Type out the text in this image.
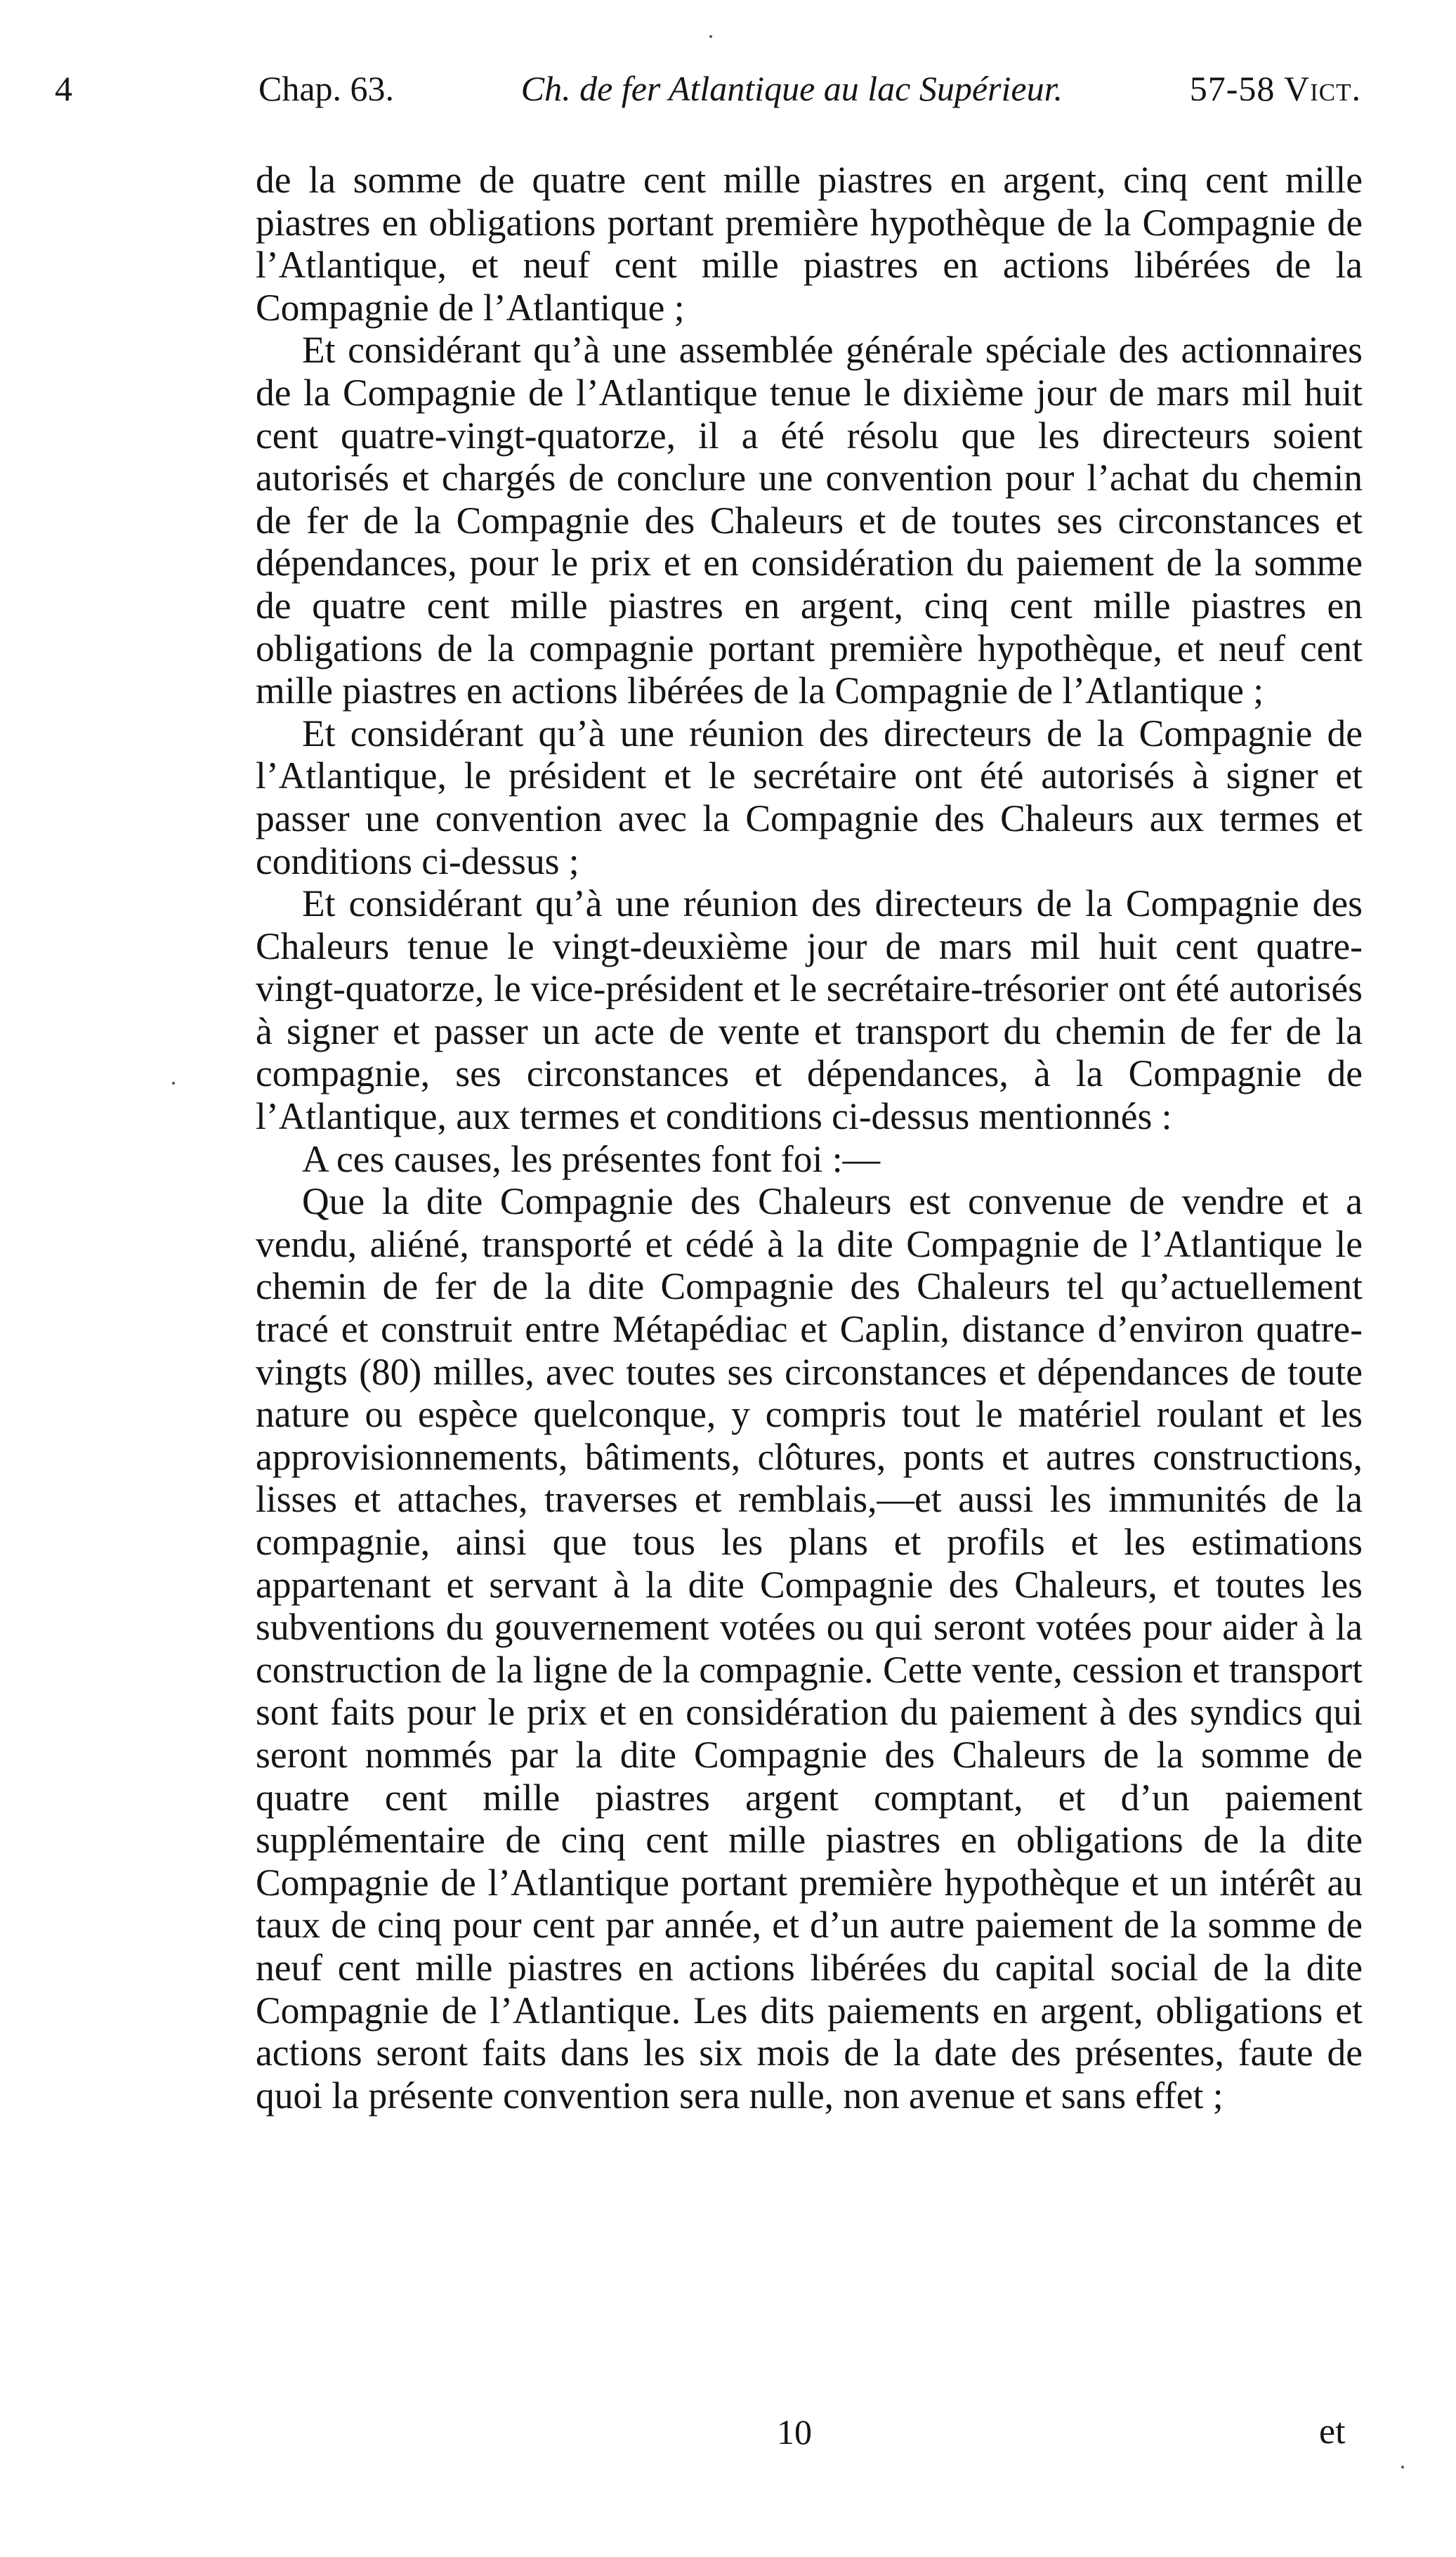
4	Chap. 63.	Ch. de fer Atlantique au lac Supérieur.	57-58 Vict.

de la somme de quatre cent mille piastres en argent, cinq cent mille piastres en obligations portant première hypothèque de la Compagnie de l’Atlantique, et neuf cent mille piastres en actions libérées de la Compagnie de l’Atlantique ;

Et considérant qu’à une assemblée générale spéciale des actionnaires de la Compagnie de l’Atlantique tenue le dixième jour de mars mil huit cent quatre-vingt-quatorze, il a été résolu que les directeurs soient autorisés et chargés de conclure une convention pour l’achat du chemin de fer de la Compagnie des Chaleurs et de toutes ses circonstances et dépendances, pour le prix et en considération du paiement de la somme de quatre cent mille piastres en argent, cinq cent mille piastres en obligations de la compagnie portant première hypothèque, et neuf cent mille piastres en actions libérées de la Compagnie de l’Atlantique ;

Et considérant qu’à une réunion des directeurs de la Compagnie de l’Atlantique, le président et le secrétaire ont été autorisés à signer et passer une convention avec la Compagnie des Chaleurs aux termes et conditions ci-dessus ;

Et considérant qu’à une réunion des directeurs de la Compagnie des Chaleurs tenue le vingt-deuxième jour de mars mil huit cent quatre-vingt-quatorze, le vice-président et le secrétaire-trésorier ont été autorisés à signer et passer un acte de vente et transport du chemin de fer de la compagnie, ses circonstances et dépendances, à la Compagnie de l’Atlantique, aux termes et conditions ci-dessus mentionnés :

A ces causes, les présentes font foi :—

Que la dite Compagnie des Chaleurs est convenue de vendre et a vendu, aliéné, transporté et cédé à la dite Compagnie de l’Atlantique le chemin de fer de la dite Compagnie des Chaleurs tel qu’actuellement tracé et construit entre Métapédiac et Caplin, distance d’environ quatre-vingts (80) milles, avec toutes ses circonstances et dépendances de toute nature ou espèce quelconque, y compris tout le matériel roulant et les approvisionnements, bâtiments, clôtures, ponts et autres constructions, lisses et attaches, traverses et remblais,—et aussi les immunités de la compagnie, ainsi que tous les plans et profils et les estimations appartenant et servant à la dite Compagnie des Chaleurs, et toutes les subventions du gouvernement votées ou qui seront votées pour aider à la construction de la ligne de la compagnie. Cette vente, cession et transport sont faits pour le prix et en considération du paiement à des syndics qui seront nommés par la dite Compagnie des Chaleurs de la somme de quatre cent mille piastres argent comptant, et d’un paiement supplémentaire de cinq cent mille piastres en obligations de la dite Compagnie de l’Atlantique portant première hypothèque et un intérêt au taux de cinq pour cent par année, et d’un autre paiement de la somme de neuf cent mille piastres en actions libérées du capital social de la dite Compagnie de l’Atlantique. Les dits paiements en argent, obligations et actions seront faits dans les six mois de la date des présentes, faute de quoi la présente convention sera nulle, non avenue et sans effet ;

10	et
